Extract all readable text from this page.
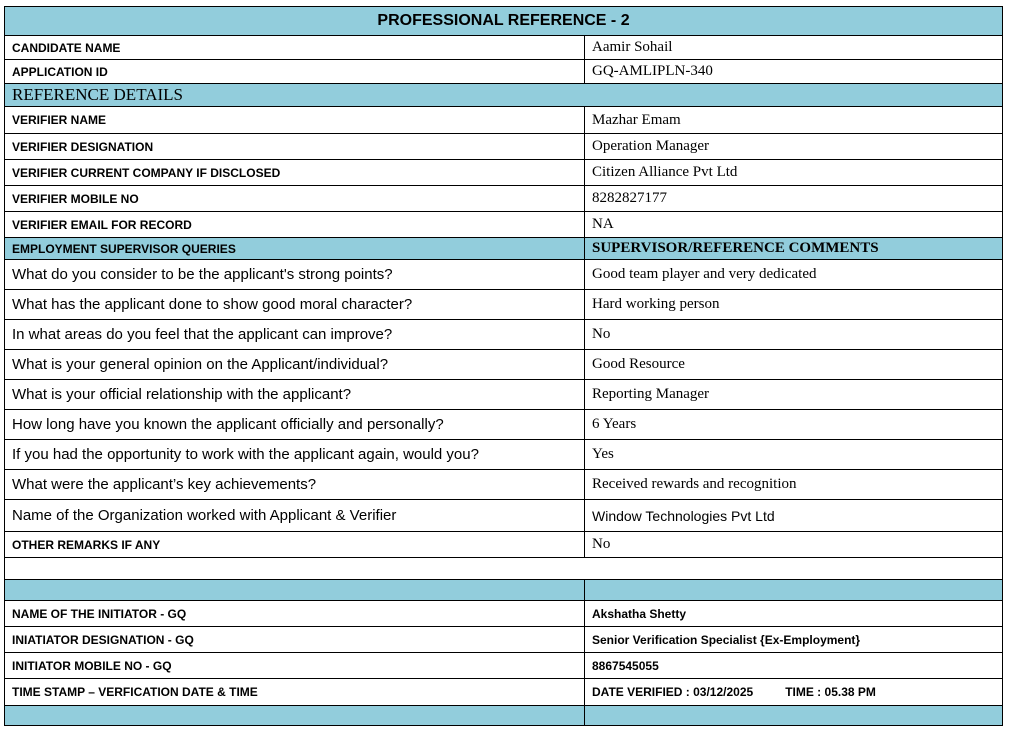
PROFESSIONAL REFERENCE - 2	
CANDIDATE NAME	Aamir Sohail
APPLICATION ID	GQ-AMLIPLN-340
REFERENCE DETAILS	
VERIFIER NAME	Mazhar Emam
VERIFIER DESIGNATION	Operation Manager
VERIFIER CURRENT COMPANY IF DISCLOSED	Citizen Alliance Pvt Ltd
VERIFIER MOBILE NO	8282827177
VERIFIER EMAIL FOR RECORD	NA
EMPLOYMENT SUPERVISOR QUERIES	SUPERVISOR/REFERENCE COMMENTS
What do you consider to be the applicant's strong points?	Good team player and very dedicated
What has the applicant done to show good moral character?	Hard working person
In what areas do you feel that the applicant can improve?	No
What is your general opinion on the Applicant/individual?	Good Resource
What is your official relationship with the applicant?	Reporting Manager
How long have you known the applicant officially and personally?	6 Years
If you had the opportunity to work with the applicant again, would you?	Yes
What were the applicant’s key achievements?	Received rewards and recognition
Name of the Organization worked with Applicant & Verifier	Window Technologies Pvt Ltd
OTHER REMARKS IF ANY	No

NAME OF THE INITIATOR - GQ	Akshatha Shetty
INIATIATOR DESIGNATION - GQ	Senior Verification Specialist {Ex-Employment}
INITIATOR MOBILE NO - GQ	8867545055
TIME STAMP – VERFICATION DATE & TIME	DATE VERIFIED : 03/12/2025 TIME : 05.38 PM
